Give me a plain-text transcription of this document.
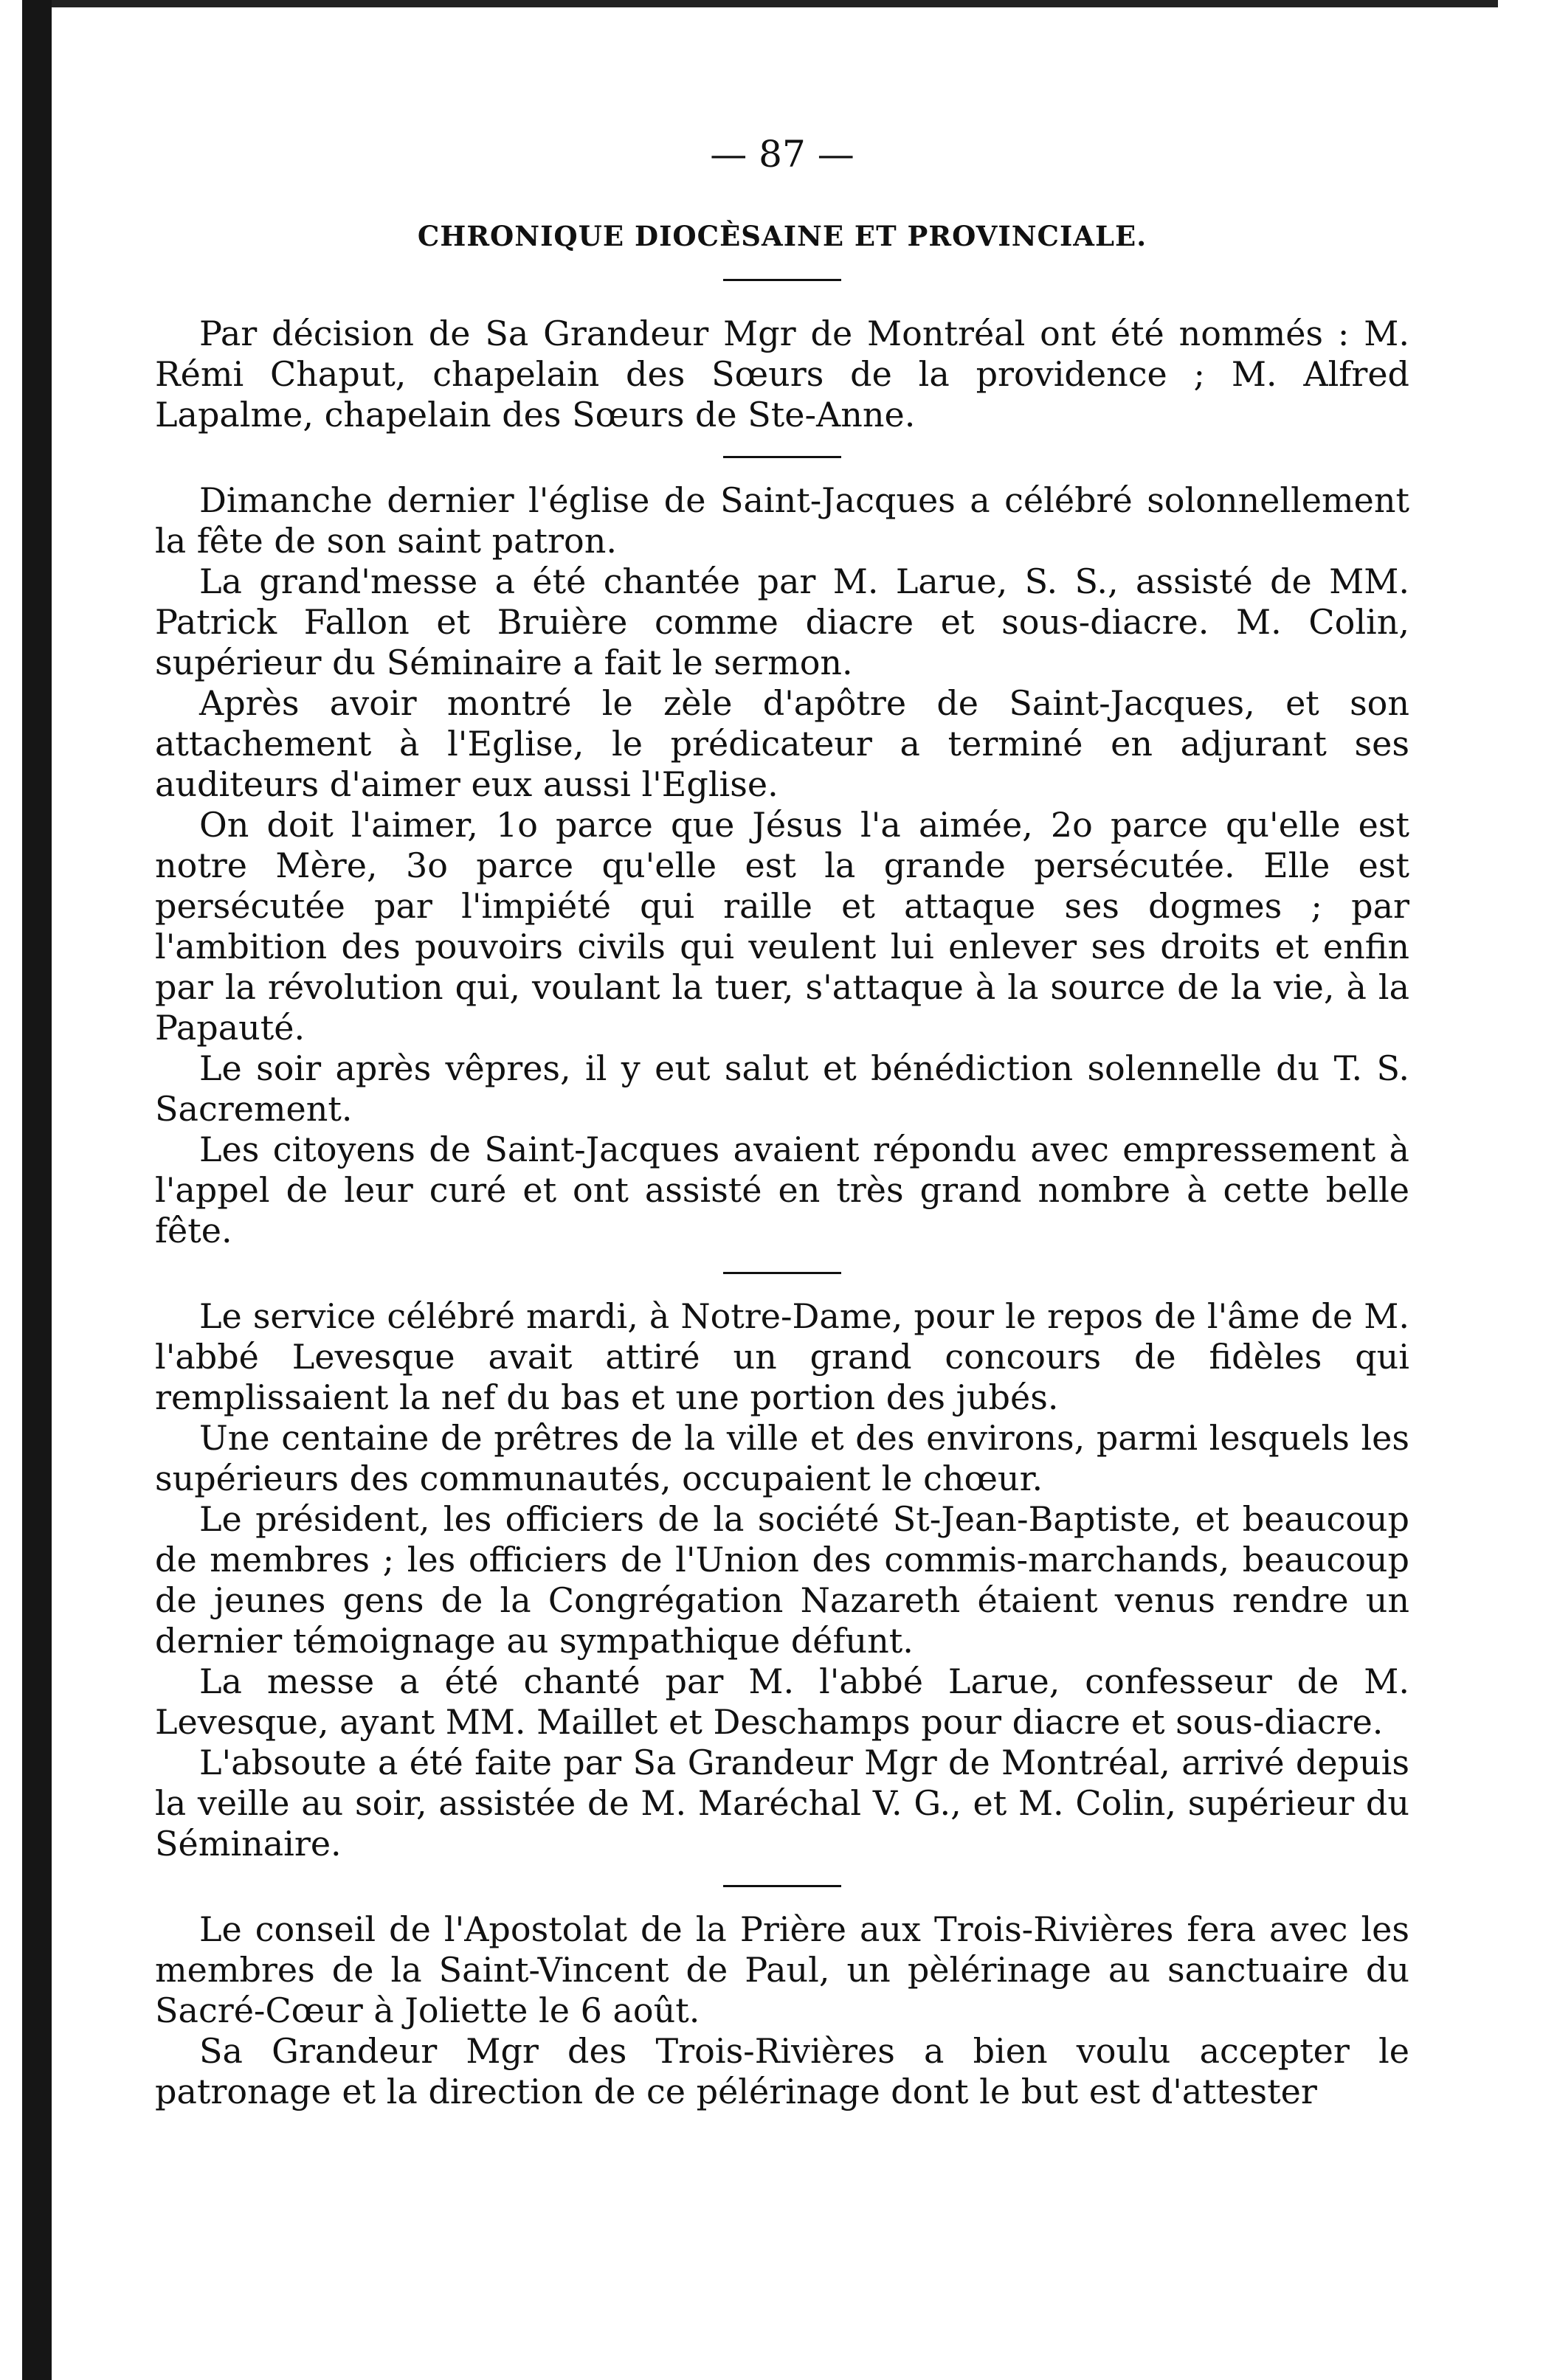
— 87 —
CHRONIQUE DIOCÈSAINE ET PROVINCIALE.

Par décision de Sa Grandeur Mgr de Montréal ont été nommés : M. Rémi Chaput, chapelain des Sœurs de la providence ; M. Alfred Lapalme, chapelain des Sœurs de Ste-Anne.

Dimanche dernier l'église de Saint-Jacques a célébré solonnellement la fête de son saint patron.

La grand'messe a été chantée par M. Larue, S. S., assisté de MM. Patrick Fallon et Bruière comme diacre et sous-diacre. M. Colin, supérieur du Séminaire a fait le sermon.

Après avoir montré le zèle d'apôtre de Saint-Jacques, et son attachement à l'Eglise, le prédicateur a terminé en adjurant ses auditeurs d'aimer eux aussi l'Eglise.

On doit l'aimer, 1o parce que Jésus l'a aimée, 2o parce qu'elle est notre Mère, 3o parce qu'elle est la grande persécutée. Elle est persécutée par l'impiété qui raille et attaque ses dogmes ; par l'ambition des pouvoirs civils qui veulent lui enlever ses droits et enfin par la révolution qui, voulant la tuer, s'attaque à la source de la vie, à la Papauté.

Le soir après vêpres, il y eut salut et bénédiction solennelle du T. S. Sacrement.

Les citoyens de Saint-Jacques avaient répondu avec empressement à l'appel de leur curé et ont assisté en très grand nombre à cette belle fête.

Le service célébré mardi, à Notre-Dame, pour le repos de l'âme de M. l'abbé Levesque avait attiré un grand concours de fidèles qui remplissaient la nef du bas et une portion des jubés.

Une centaine de prêtres de la ville et des environs, parmi lesquels les supérieurs des communautés, occupaient le chœur.

Le président, les officiers de la société St-Jean-Baptiste, et beaucoup de membres ; les officiers de l'Union des commis-marchands, beaucoup de jeunes gens de la Congrégation Nazareth étaient venus rendre un dernier témoignage au sympathique défunt.

La messe a été chanté par M. l'abbé Larue, confesseur de M. Levesque, ayant MM. Maillet et Deschamps pour diacre et sous-diacre.

L'absoute a été faite par Sa Grandeur Mgr de Montréal, arrivé depuis la veille au soir, assistée de M. Maréchal V. G., et M. Colin, supérieur du Séminaire.

Le conseil de l'Apostolat de la Prière aux Trois-Rivières fera avec les membres de la Saint-Vincent de Paul, un pèlérinage au sanctuaire du Sacré-Cœur à Joliette le 6 août.

Sa Grandeur Mgr des Trois-Rivières a bien voulu accepter le patronage et la direction de ce pélérinage dont le but est d'attester
